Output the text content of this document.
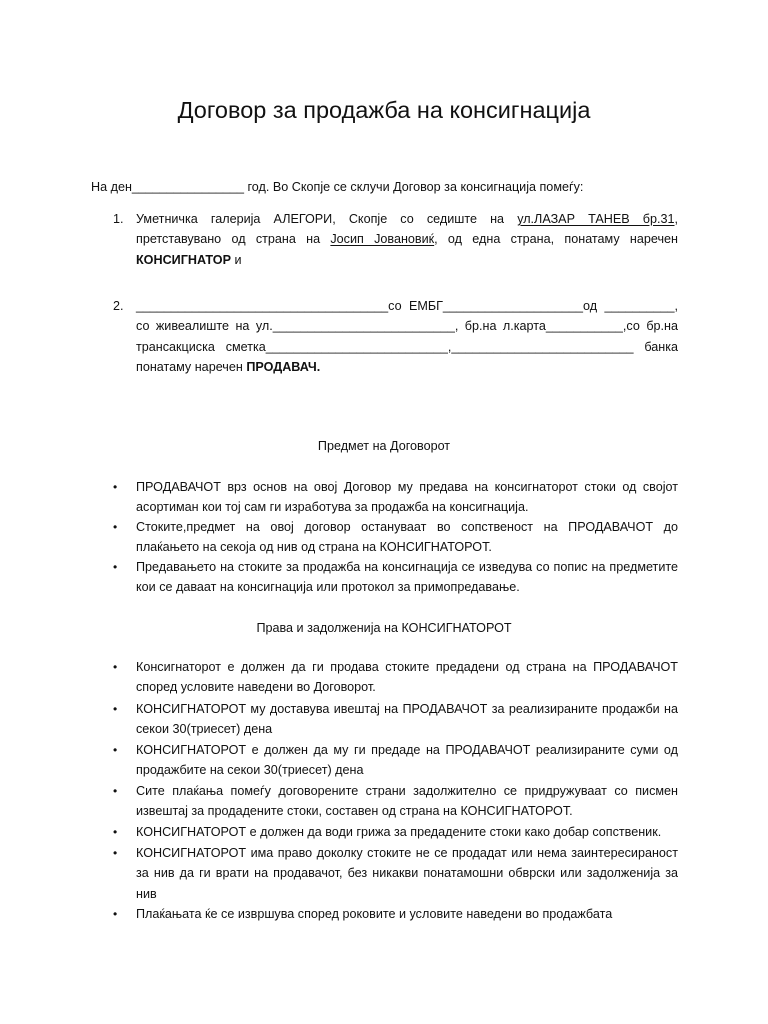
Договор за продажба на консигнација
На ден________________ год. Во Скопје се склучи Договор за консигнација помеѓу:
1. Уметничка галерија АЛЕГОРИ, Скопје со седиште на ул.ЛАЗАР ТАНЕВ бр.31, претставувано од страна на Јосип Јовановиќ, од една страна, понатаму наречен КОНСИГНАТОР и
2. ____________________________________со ЕМБГ____________________од __________,
со живеалиште на ул.__________________________, бр.на л.карта___________,со бр.на
трансакциска сметка__________________________,__________________________ банка
понатаму наречен ПРОДАВАЧ.
Предмет на Договорот
•	ПРОДАВАЧОТ врз основ на овој Договор му предава на консигнаторот стоки од својот асортиман кои тој сам ги изработува за продажба на консигнација.
•	Стоките,предмет на овој договор остануваат во сопственост на ПРОДАВАЧОТ до плаќањето на секоја од нив од страна на КОНСИГНАТОРОТ.
•	Предавањето на стоките за продажба на консигнација се изведува со попис на предметите кои се даваат на консигнација или протокол за примопредавање.
Права и задолженија на КОНСИГНАТОРОТ
•	Консигнаторот е должен да ги продава стоките предадени од страна на ПРОДАВАЧОТ според условите наведени во Договорот.
•	КОНСИГНАТОРОТ му доставува ивештај на ПРОДАВАЧОТ за реализираните продажби на секои 30(триесет) дена
•	КОНСИГНАТОРОТ е должен да му ги предаде на ПРОДАВАЧОТ реализираните суми од продажбите на секои 30(триесет) дена
•	Сите плаќања помеѓу договорените страни задолжително се придружуваат со писмен извештај за продадените стоки, составен од страна на КОНСИГНАТОРОТ.
•	КОНСИГНАТОРОТ е должен да води грижа за предадените стоки како добар сопственик.
•	КОНСИГНАТОРОТ има право доколку стоките не се продадат или нема заинтересираност за нив да ги врати на продавачот, без никакви понатамошни обврски или задолженија за нив
•	Плаќањата ќе се извршува според роковите и условите наведени во продажбата
